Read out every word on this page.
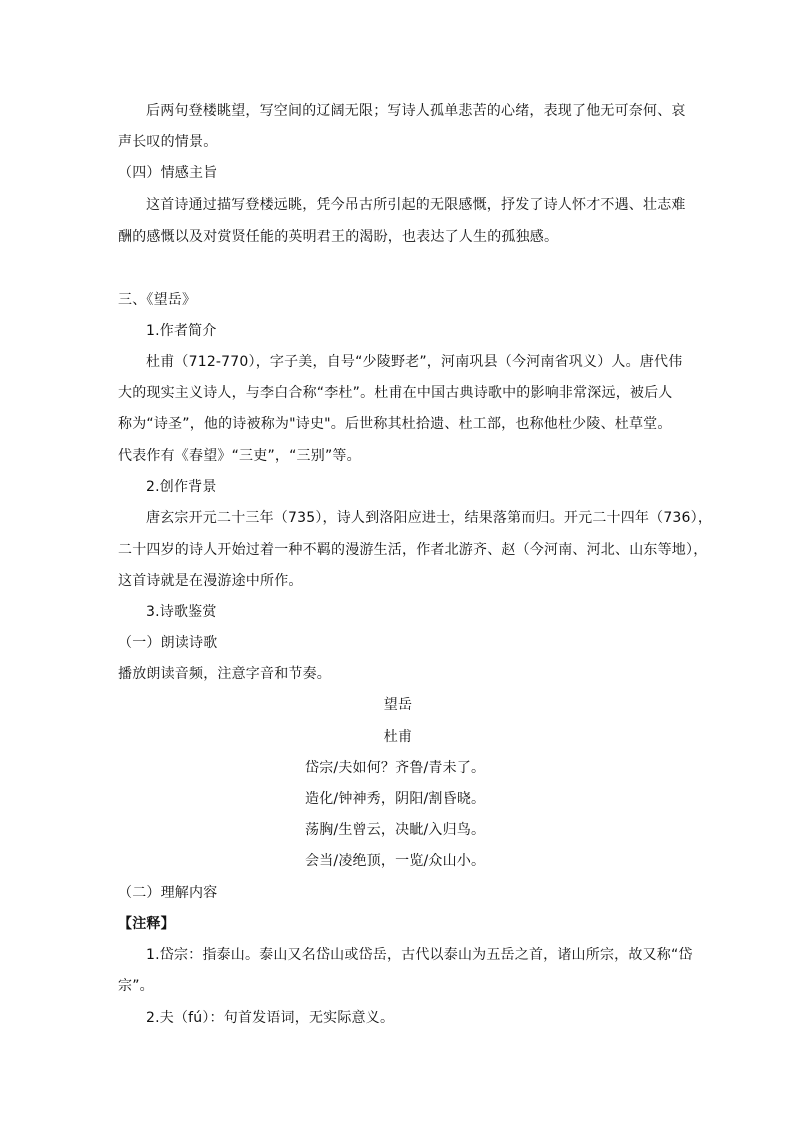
后两句登楼眺望，写空间的辽阔无限；写诗人孤单悲苦的心绪，表现了他无可奈何、哀
声长叹的情景。
（四）情感主旨
这首诗通过描写登楼远眺，凭今吊古所引起的无限感慨，抒发了诗人怀才不遇、壮志难
酬的感慨以及对赏贤任能的英明君王的渴盼，也表达了人生的孤独感。
三、《望岳》
1.作者简介
杜甫（712-770），字子美，自号“少陵野老”，河南巩县（今河南省巩义）人。唐代伟
大的现实主义诗人，与李白合称“李杜”。杜甫在中国古典诗歌中的影响非常深远，被后人
称为“诗圣”，他的诗被称为"诗史"。后世称其杜拾遗、杜工部，也称他杜少陵、杜草堂。
代表作有《春望》“三吏”，“三别”等。
2.创作背景
唐玄宗开元二十三年（735），诗人到洛阳应进士，结果落第而归。开元二十四年（736），
二十四岁的诗人开始过着一种不羁的漫游生活，作者北游齐、赵（今河南、河北、山东等地），
这首诗就是在漫游途中所作。
3.诗歌鉴赏
（一）朗读诗歌
播放朗读音频，注意字音和节奏。
望岳
杜甫
岱宗/夫如何？齐鲁/青未了。
造化/钟神秀，阴阳/割昏晓。
荡胸/生曾云，决眦/入归鸟。
会当/凌绝顶，一览/众山小。
（二）理解内容
【注释】
1.岱宗：指泰山。泰山又名岱山或岱岳，古代以泰山为五岳之首，诸山所宗，故又称“岱
宗”。
2.夫（fú）：句首发语词，无实际意义。
